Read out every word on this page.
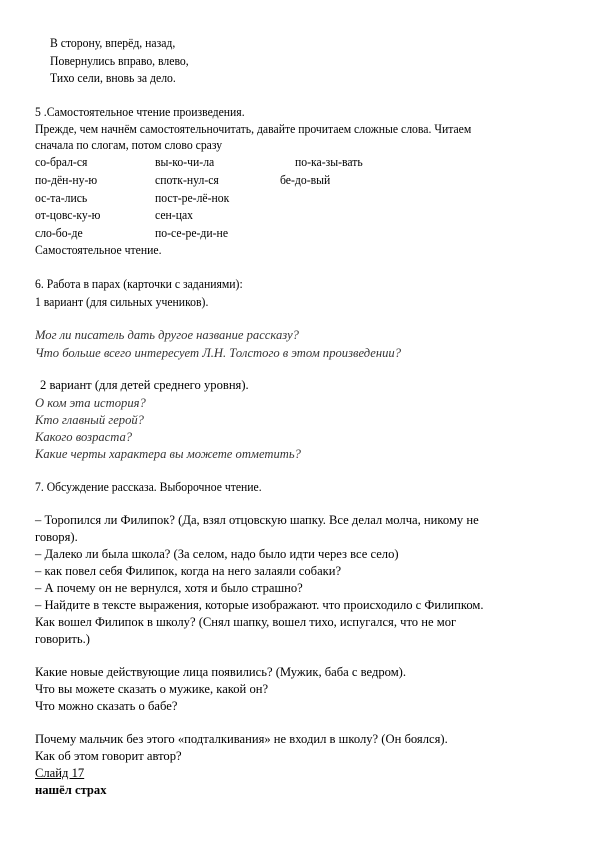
В сторону, вперёд, назад,
Повернулись вправо, влево,
Тихо сели, вновь за дело.
5 .Самостоятельное чтение произведения.
Прежде, чем начнём самостоятельночитать, давайте прочитаем сложные слова. Читаем
сначала по слогам, потом слово сразу
со-брал-ся	вы-ко-чи-ла	по-ка-зы-вать
по-дён-ну-ю	спотк-нул-ся	бе-до-вый
ос-та-лись	пост-ре-лё-нок
от-цовс-ку-ю	сен-цах
сло-бо-де	по-се-ре-ди-не
Самостоятельное чтение.
6. Работа в парах (карточки с заданиями):
1 вариант (для сильных учеников).
Мог ли писатель дать другое название рассказу?
Что больше всего интересует Л.Н. Толстого в этом произведении?
2 вариант (для детей среднего уровня).
О ком эта история?
Кто главный герой?
Какого возраста?
Какие черты характера вы можете отметить?
7. Обсуждение рассказа. Выборочное чтение.
– Торопился ли Филипок? (Да, взял отцовскую шапку. Все делал молча, никому не
говоря).
– Далеко ли была школа? (За селом, надо было идти через все село)
– как повел себя Филипок, когда на него залаяли собаки?
– А почему он не вернулся, хотя и было страшно?
– Найдите в тексте выражения, которые изображают. что происходило с Филипком.
Как вошел Филипок в школу? (Снял шапку, вошел тихо, испугался, что не мог
говорить.)
Какие новые действующие лица появились? (Мужик, баба с ведром).
Что вы можете сказать о мужике, какой он?
Что можно сказать о бабе?
Почему мальчик без этого «подталкивания» не входил в школу? (Он боялся).
Как об этом говорит автор?
Слайд 17
нашёл страх
